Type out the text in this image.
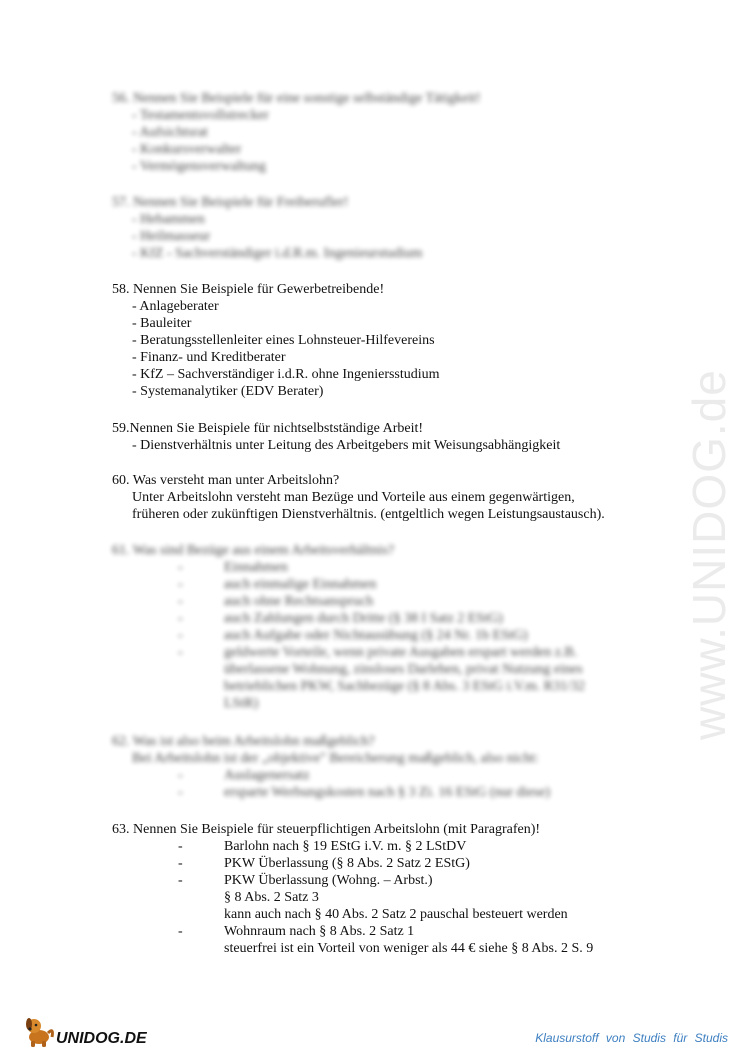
www.UNIDOG.de
56. Nennen Sie Beispiele für eine sonstige selbständige Tätigkeit!
- Testamentsvollstrecker
- Aufsichtsrat
- Konkursverwalter
- Vermögensverwaltung
57. Nennen Sie Beispiele für Freiberufler!
- Hebammen
- Heilmasseur
- KfZ - Sachverständiger i.d.R.m. Ingenieurstudium
58. Nennen Sie Beispiele für Gewerbetreibende!
- Anlageberater
- Bauleiter
- Beratungsstellenleiter eines Lohnsteuer-Hilfevereins
- Finanz- und Kreditberater
- KfZ – Sachverständiger i.d.R. ohne Ingeniersstudium
- Systemanalytiker (EDV Berater)
59.Nennen Sie Beispiele für nichtselbstständige Arbeit!
- Dienstverhältnis unter Leitung des Arbeitgebers mit Weisungsabhängigkeit
60. Was versteht man unter Arbeitslohn?
Unter Arbeitslohn versteht man Bezüge und Vorteile aus einem gegenwärtigen,
früheren oder zukünftigen Dienstverhältnis. (entgeltlich wegen Leistungsaustausch).
61. Was sind Bezüge aus einem Arbeitsverhältnis?
-	Einnahmen
-	auch einmalige Einnahmen
-	auch ohne Rechtsanspruch
-	auch Zahlungen durch Dritte (§ 38 I Satz 2 EStG)
-	auch Aufgabe oder Nichtausübung (§ 24 Nr. 1b EStG)
-	geldwerte Vorteile, wenn private Ausgaben erspart werden z.B.
überlassene Wohnung, zinsloses Darlehen, privat Nutzung eines
betrieblichen PKW, Sachbezüge (§ 8 Abs. 3 EStG i.V.m. R31/32
LStR)
62. Was ist also beim Arbeitslohn maßgeblich?
Bei Arbeitslohn ist der „objektive" Bereicherung maßgeblich, also nicht:
-	Auslagenersatz
-	ersparte Werbungskosten nach § 3 Zi. 16 EStG (nur diese)
63. Nennen Sie Beispiele für steuerpflichtigen Arbeitslohn (mit Paragrafen)!
-	Barlohn nach § 19 EStG i.V. m. § 2 LStDV
-	PKW Überlassung (§ 8 Abs. 2 Satz 2 EStG)
-	PKW Überlassung (Wohng. – Arbst.)
§ 8 Abs. 2 Satz 3
kann auch nach § 40 Abs. 2 Satz 2 pauschal besteuert werden
-	Wohnraum nach § 8 Abs. 2 Satz 1
steuerfrei ist ein Vorteil von weniger als 44 € siehe § 8 Abs. 2 S. 9
UNIDOG.DE	Klausurstoff von Studis für Studis
